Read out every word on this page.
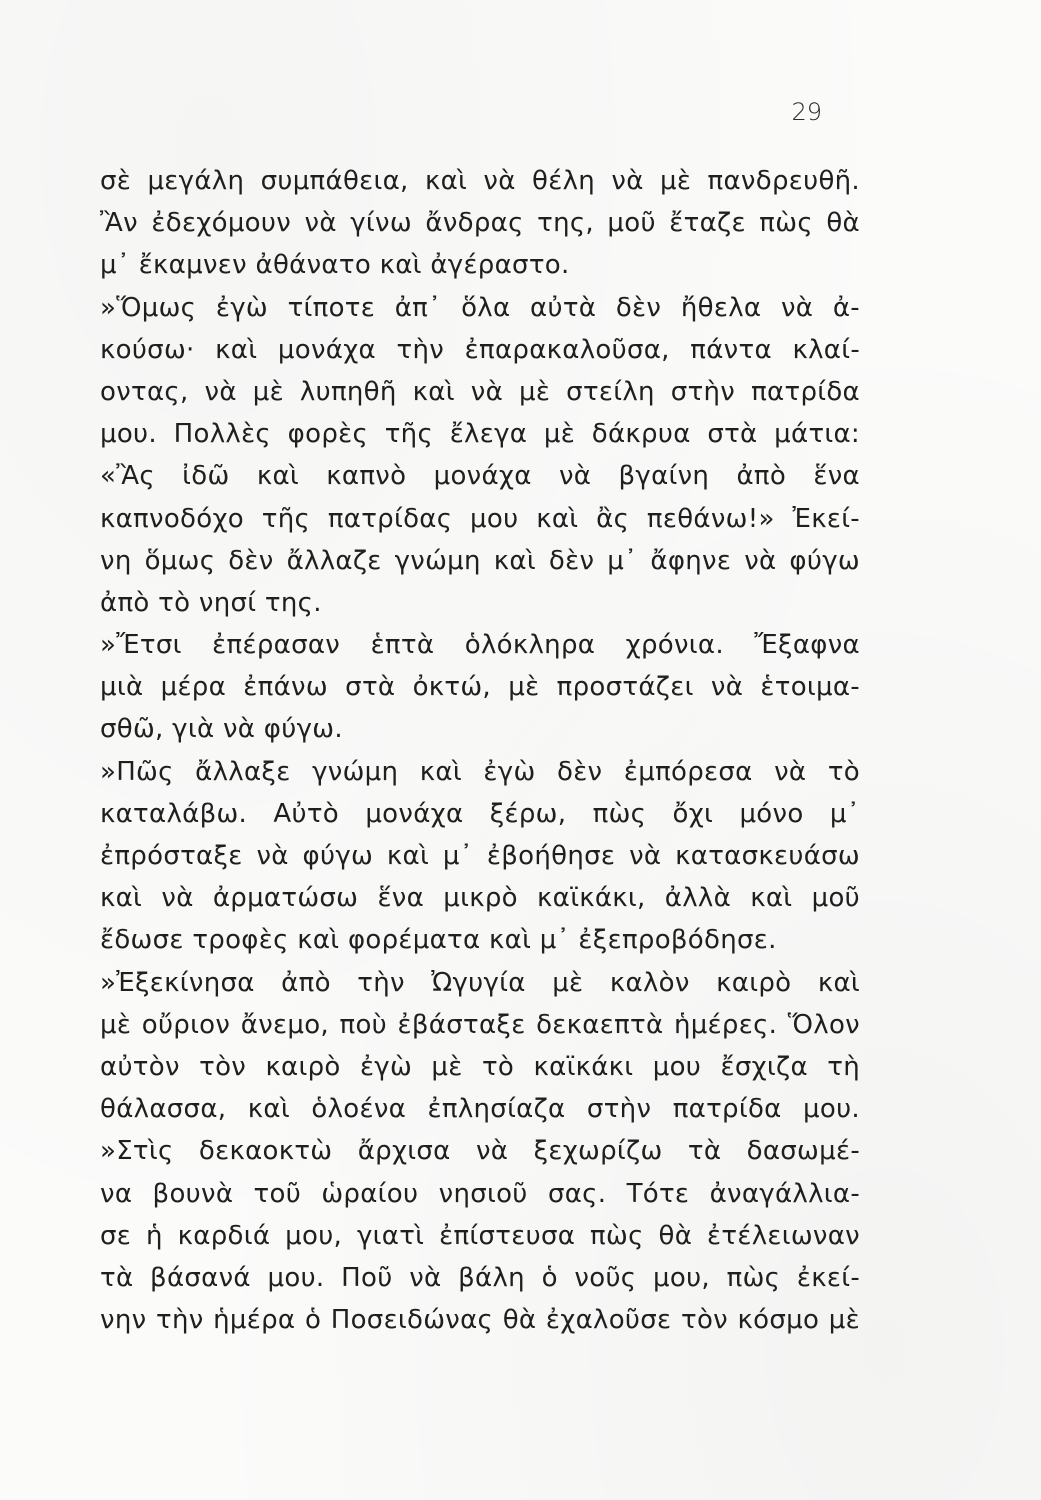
29
σὲ μεγάλη συμπάθεια, καὶ νὰ θέλη νὰ μὲ πανδρευθῆ.
Ἂν ἐδεχόμουν νὰ γίνω ἄνδρας της, μοῦ ἔταζε πὼς θὰ
μ᾿ ἔκαμνεν ἀθάνατο καὶ ἀγέραστο.
»Ὅμως ἐγὼ τίποτε ἀπ᾿ ὅλα αὐτὰ δὲν ἤθελα νὰ ἀ-
κούσω· καὶ μονάχα τὴν ἐπαρακαλοῦσα, πάντα κλαί-
οντας, νὰ μὲ λυπηθῆ καὶ νὰ μὲ στείλη στὴν πατρίδα
μου. Πολλὲς φορὲς τῆς ἔλεγα μὲ δάκρυα στὰ μάτια:
«Ἂς ἰδῶ καὶ καπνὸ μονάχα νὰ βγαίνη ἀπὸ ἕνα
καπνοδόχο τῆς πατρίδας μου καὶ ἂς πεθάνω!» Ἐκεί-
νη ὅμως δὲν ἄλλαζε γνώμη καὶ δὲν μ᾿ ἄφηνε νὰ φύγω
ἀπὸ τὸ νησί της.
»Ἔτσι ἐπέρασαν ἑπτὰ ὁλόκληρα χρόνια. Ἔξαφνα
μιὰ μέρα ἐπάνω στὰ ὀκτώ, μὲ προστάζει νὰ ἑτοιμα-
σθῶ, γιὰ νὰ φύγω.
»Πῶς ἄλλαξε γνώμη καὶ ἐγὼ δὲν ἐμπόρεσα νὰ τὸ
καταλάβω. Αὐτὸ μονάχα ξέρω, πὼς ὄχι μόνο μ᾿
ἐπρόσταξε νὰ φύγω καὶ μ᾿ ἐβοήθησε νὰ κατασκευάσω
καὶ νὰ ἀρματώσω ἕνα μικρὸ καϊκάκι, ἀλλὰ καὶ μοῦ
ἔδωσε τροφὲς καὶ φορέματα καὶ μ᾿ ἐξεπροβόδησε.
»Ἐξεκίνησα ἀπὸ τὴν Ὠγυγία μὲ καλὸν καιρὸ καὶ
μὲ οὔριον ἄνεμο, ποὺ ἐβάσταξε δεκαεπτὰ ἡμέρες. Ὅλον
αὐτὸν τὸν καιρὸ ἐγὼ μὲ τὸ καϊκάκι μου ἔσχιζα τὴ
θάλασσα, καὶ ὁλοένα ἐπλησίαζα στὴν πατρίδα μου.
»Στὶς δεκαοκτὼ ἄρχισα νὰ ξεχωρίζω τὰ δασωμέ-
να βουνὰ τοῦ ὡραίου νησιοῦ σας. Τότε ἀναγάλλια-
σε ἡ καρδιά μου, γιατὶ ἐπίστευσα πὼς θὰ ἐτέλειωναν
τὰ βάσανά μου. Ποῦ νὰ βάλη ὁ νοῦς μου, πὼς ἐκεί-
νην τὴν ἡμέρα ὁ Ποσειδώνας θὰ ἐχαλοῦσε τὸν κόσμο μὲ
